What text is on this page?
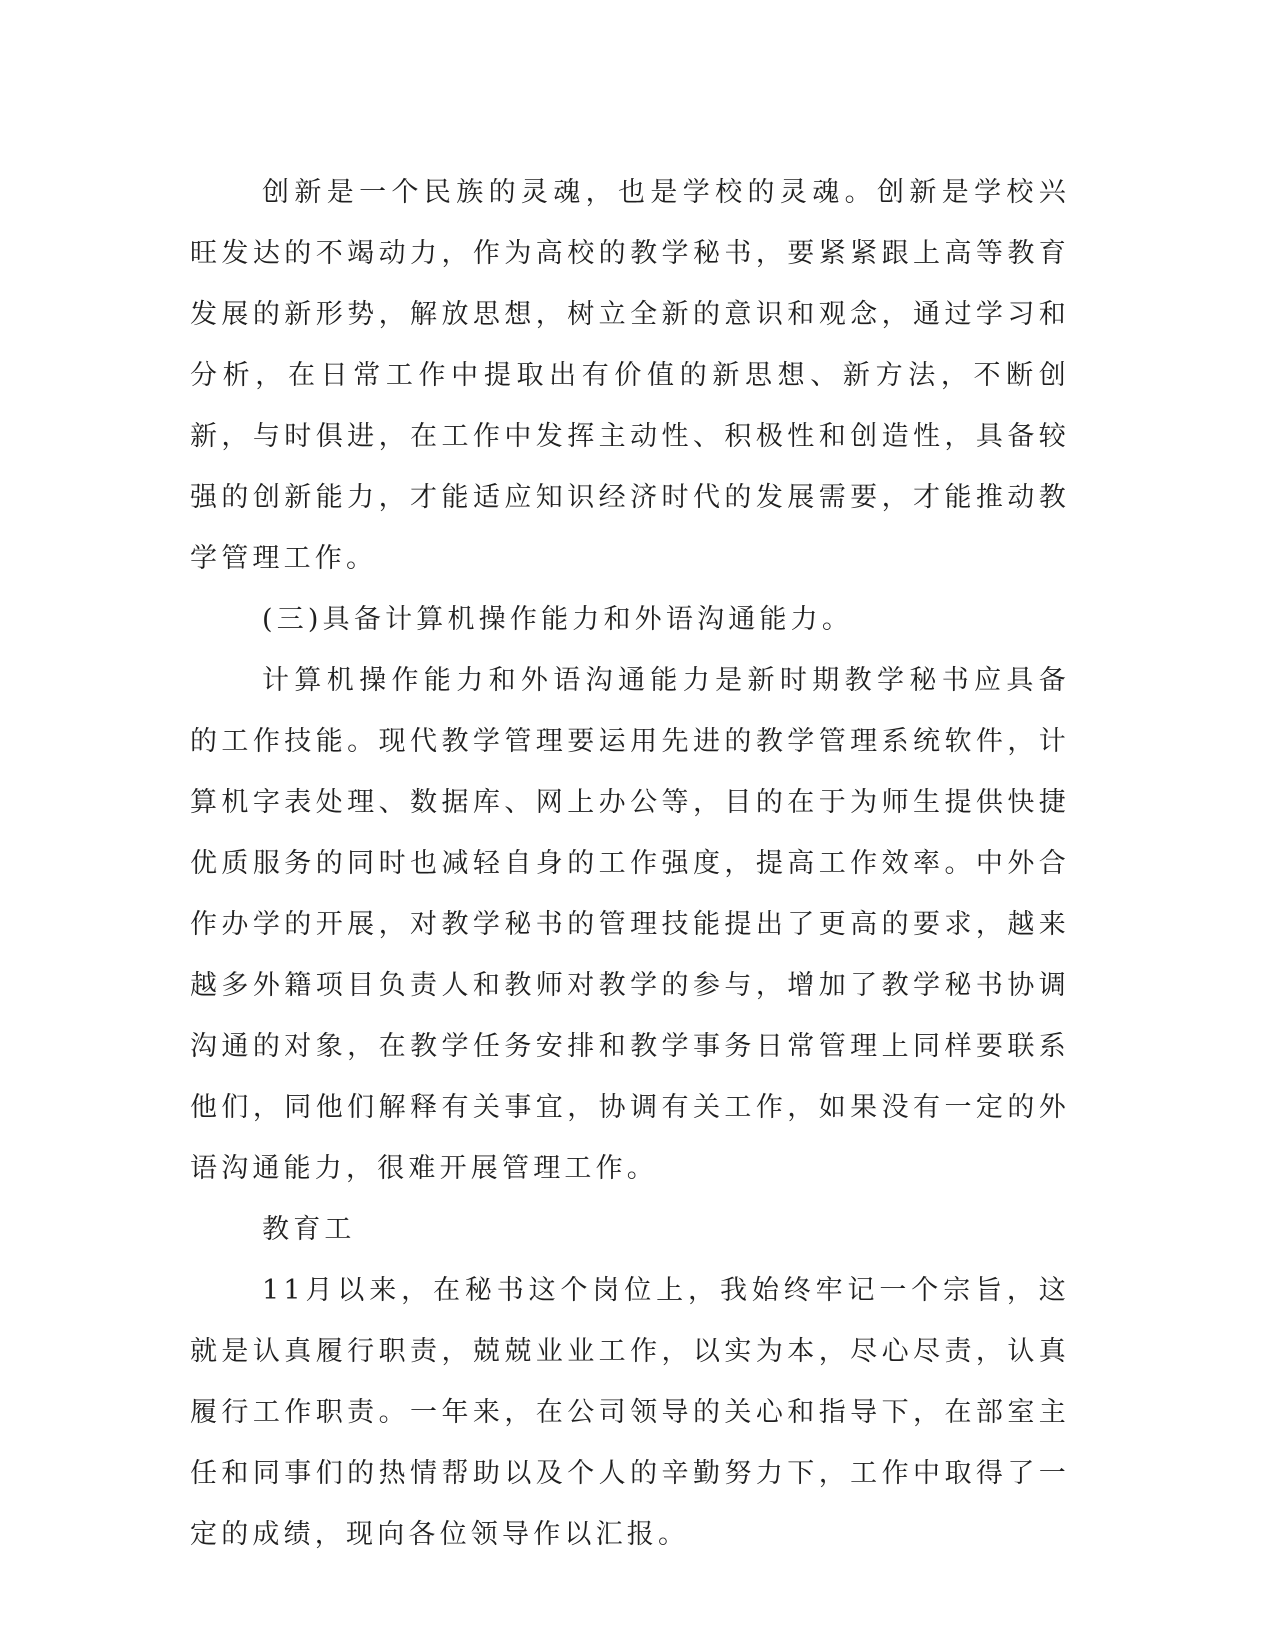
创新是一个民族的灵魂，也是学校的灵魂。创新是学校兴旺发达的不竭动力，作为高校的教学秘书，要紧紧跟上高等教育发展的新形势，解放思想，树立全新的意识和观念，通过学习和分析，在日常工作中提取出有价值的新思想、新方法，不断创新，与时俱进，在工作中发挥主动性、积极性和创造性，具备较强的创新能力，才能适应知识经济时代的发展需要，才能推动教学管理工作。

(三)具备计算机操作能力和外语沟通能力。

计算机操作能力和外语沟通能力是新时期教学秘书应具备的工作技能。现代教学管理要运用先进的教学管理系统软件，计算机字表处理、数据库、网上办公等，目的在于为师生提供快捷优质服务的同时也减轻自身的工作强度，提高工作效率。中外合作办学的开展，对教学秘书的管理技能提出了更高的要求，越来越多外籍项目负责人和教师对教学的参与，增加了教学秘书协调沟通的对象，在教学任务安排和教学事务日常管理上同样要联系他们，同他们解释有关事宜，协调有关工作，如果没有一定的外语沟通能力，很难开展管理工作。

教育工

11月以来，在秘书这个岗位上，我始终牢记一个宗旨，这就是认真履行职责，兢兢业业工作，以实为本，尽心尽责，认真履行工作职责。一年来，在公司领导的关心和指导下，在部室主任和同事们的热情帮助以及个人的辛勤努力下，工作中取得了一定的成绩，现向各位领导作以汇报。
